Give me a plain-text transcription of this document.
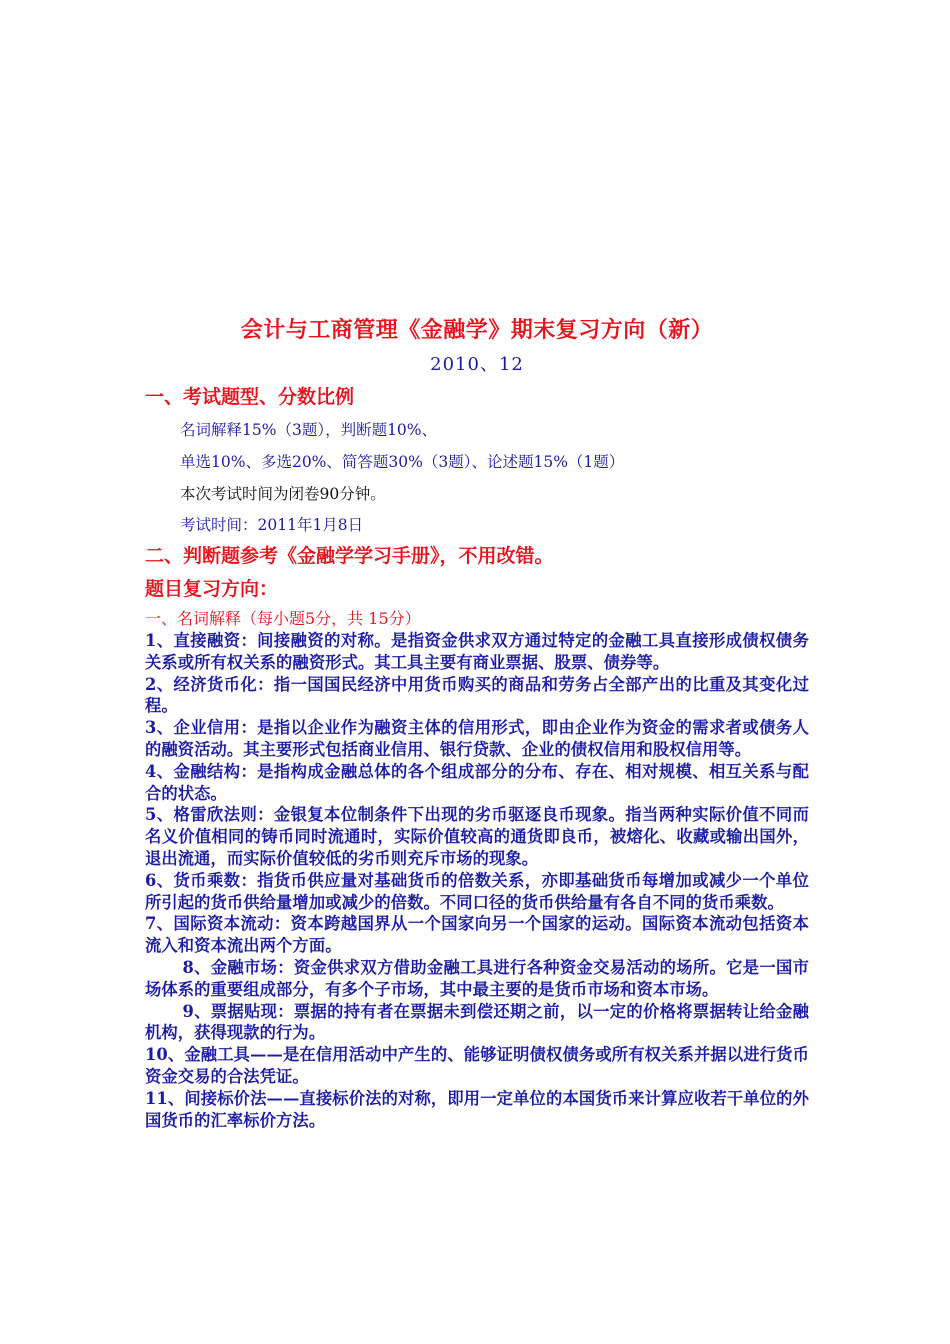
会计与工商管理《金融学》期末复习方向（新）
2010、12
一、考试题型、分数比例
名词解释15%（3题），判断题10%、
单选10%、多选20%、简答题30%（3题）、论述题15%（1题）
本次考试时间为闭卷90分钟。
考试时间：2011年1月8日
二、判断题参考《金融学学习手册》，不用改错。
题目复习方向：
一、名词解释（每小题5分，共 15分）

1、直接融资：间接融资的对称。是指资金供求双方通过特定的金融工具直接形成债权债务关系或所有权关系的融资形式。其工具主要有商业票据、股票、债券等。

2、经济货币化：指一国国民经济中用货币购买的商品和劳务占全部产出的比重及其变化过程。

3、企业信用：是指以企业作为融资主体的信用形式，即由企业作为资金的需求者或债务人的融资活动。其主要形式包括商业信用、银行贷款、企业的债权信用和股权信用等。

4、金融结构：是指构成金融总体的各个组成部分的分布、存在、相对规模、相互关系与配合的状态。

5、格雷欣法则：金银复本位制条件下出现的劣币驱逐良币现象。指当两种实际价值不同而名义价值相同的铸币同时流通时，实际价值较高的通货即良币，被熔化、收藏或输出国外，退出流通，而实际价值较低的劣币则充斥市场的现象。

6、货币乘数：指货币供应量对基础货币的倍数关系，亦即基础货币每增加或减少一个单位所引起的货币供给量增加或减少的倍数。不同口径的货币供给量有各自不同的货币乘数。

7、国际资本流动：资本跨越国界从一个国家向另一个国家的运动。国际资本流动包括资本流入和资本流出两个方面。

8、金融市场：资金供求双方借助金融工具进行各种资金交易活动的场所。它是一国市场体系的重要组成部分，有多个子市场，其中最主要的是货币市场和资本市场。

9、票据贴现：票据的持有者在票据未到偿还期之前，以一定的价格将票据转让给金融机构，获得现款的行为。

10、金融工具——是在信用活动中产生的、能够证明债权债务或所有权关系并据以进行货币资金交易的合法凭证。

11、间接标价法——直接标价法的对称，即用一定单位的本国货币来计算应收若干单位的外国货币的汇率标价方法。
